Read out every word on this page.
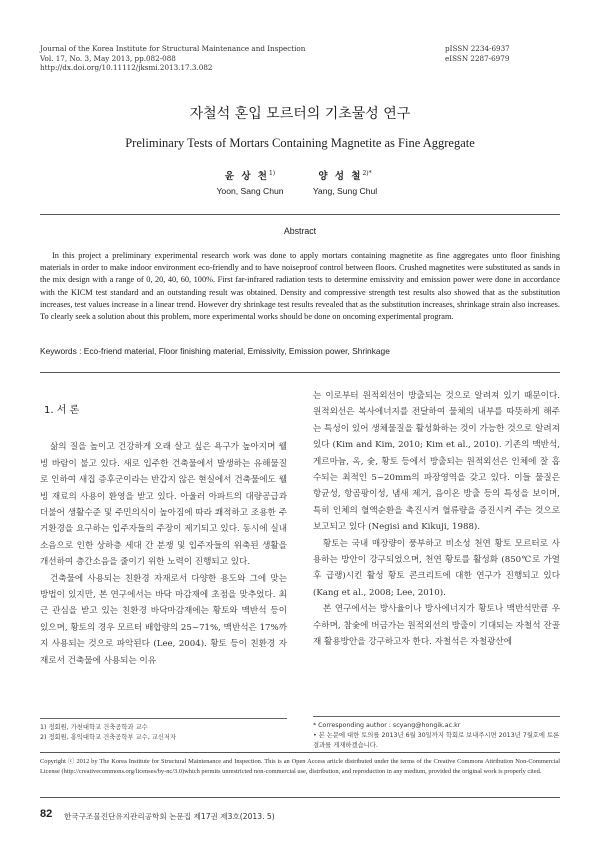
Journal of the Korea Institute for Structural Maintenance and Inspection
Vol. 17, No. 3, May 2013, pp.082-088
http://dx.doi.org/10.11112/jksmi.2013.17.3.082
pISSN 2234-6937
eISSN 2287-6979
자철석 혼입 모르터의 기초물성 연구
Preliminary Tests of Mortars Containing Magnetite as Fine Aggregate
윤 상 천$^{1)}$
Yoon, Sang Chun
양 성 철$^{2)*}$
Yang, Sung Chul
Abstract
In this project a preliminary experimental research work was done to apply mortars containing magnetite as fine aggregates unto floor finishing materials in order to make indoor environment eco-friendly and to have noiseproof control between floors. Crushed magnetites were substituted as sands in the mix design with a range of 0, 20, 40, 60, 100%. First far-infrared radiation tests to determine emissivity and emission power were done in accordance with the KICM test standard and an outstanding result was obtained. Density and compressive strength test results also showed that as the substitution increases, test values increase in a linear trend. However dry shrinkage test results revealed that as the substitution increases, shrinkage strain also increases. To clearly seek a solution about this problem, more experimental works should be done on oncoming experimental program.
Keywords : Eco-friend material, Floor finishing material, Emissivity, Emission power, Shrinkage
1. 서 론

삶의 질을 높이고 건강하게 오래 살고 싶은 욕구가 높아지며 웰빙 바람이 불고 있다. 새로 입주한 건축물에서 발생하는 유해물질로 인하여 새집 증후군이라는 반갑지 않은 현실에서 건축물에도 웰빙 재료의 사용이 환영을 받고 있다. 아울러 아파트의 대량공급과 더불어 생활수준 및 주민의식이 높아짐에 따라 쾌적하고 조용한 주거환경을 요구하는 입주자들의 주장이 제기되고 있다. 동시에 실내소음으로 인한 상하층 세대 간 분쟁 및 입주자들의 위축된 생활을 개선하여 층간소음을 줄이기 위한 노력이 진행되고 있다.

건축물에 사용되는 친환경 자재로서 다양한 용도와 그에 맞는 방법이 있지만, 본 연구에서는 바닥 마감재에 초점을 맞추었다. 최근 관심을 받고 있는 친환경 바닥마감재에는 황토와 맥반석 등이 있으며, 황토의 경우 모르터 배합량의 25~71%, 맥반석은 17%까지 사용되는 것으로 파악된다 (Lee, 2004). 황토 등이 친환경 자재로서 건축물에 사용되는 이유

는 이로부터 원적외선이 방출되는 것으로 알려져 있기 때문이다. 원적외선은 복사에너지를 전달하여 물체의 내부를 따뜻하게 해주는 특성이 있어 생체물질을 활성화하는 것이 가능한 것으로 알려져 있다 (Kim and Kim, 2010; Kim et al., 2010). 기존의 맥반석, 게르마늄, 옥, 숯, 황토 등에서 방출되는 원적외선은 인체에 잘 흡수되는 최적인 5~20mm의 파장영역을 갖고 있다. 이들 물질은 항균성, 항곰팡이성, 냄새 제거, 음이온 방출 등의 특성을 보이며, 특히 인체의 혈액순환을 촉진시켜 혈류량을 증진시켜 주는 것으로 보고되고 있다 (Negisi and Kikuji, 1988).

황토는 국내 매장량이 풍부하고 비소성 천연 황토 모르터로 사용하는 방안이 강구되었으며, 천연 황토를 활성화 (850℃로 가열 후 급랭)시킨 활성 황토 콘크리트에 대한 연구가 진행되고 있다 (Kang et al., 2008; Lee, 2010).

본 연구에서는 방사율이나 방사에너지가 황토나 맥반석만큼 우수하며, 참숯에 버금가는 원적외선의 방출이 기대되는 자철석 잔골재 활용방안을 강구하고자 한다. 자철석은 자철광산에

1) 정회원, 가천대학교 건축공학과 교수
2) 정회원, 홍익대학교 건축공학부 교수, 교신저자
* Corresponding author : scyang@hongik.ac.kr
• 본 논문에 대한 토의를 2013년 6월 30일까지 학회로 보내주시면 2013년 7월호에 토론결과를 게재하겠습니다.
Copyright ⓒ 2012 by The Korea Institute for Structural Maintenance and Inspection. This is an Open Access article distributed under the terms of the Creative Commons Attribution Non-Commercial License (http://creativecommons.org/licenses/by-nc/3.0)which permits unrestricted non-commercial use, distribution, and reproduction in any medium, provided the original work is properly cited.
82 한국구조물진단유지관리공학회 논문집 제17권 제3호(2013. 5)
